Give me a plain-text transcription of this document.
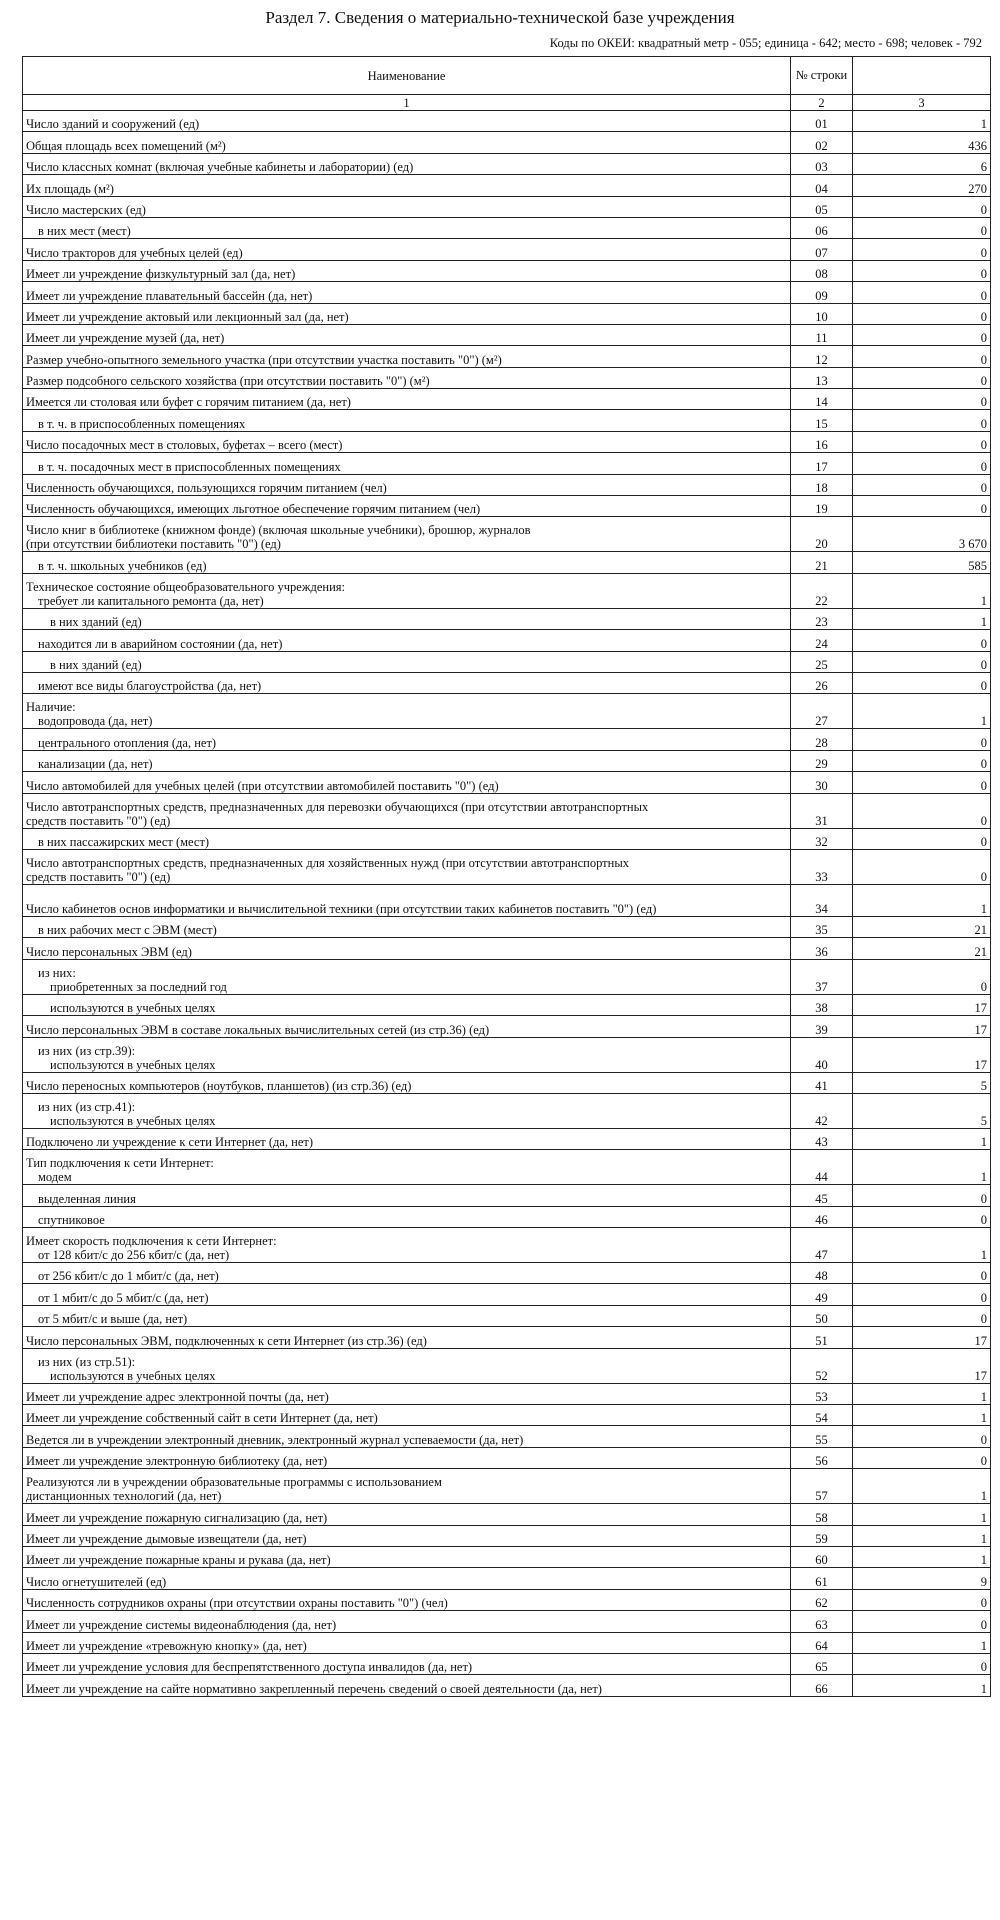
Раздел 7. Сведения о материально-технической базе учреждения
Коды по ОКЕИ: квадратный метр - 055; единица - 642; место - 698; человек - 792
Наименование	№ строки	
1	2	3

Число зданий и сооружений (ед)	01	1

Общая площадь всех помещений (м²)	02	436

Число классных комнат (включая учебные кабинеты и лаборатории) (ед)	03	6

Их площадь (м²)	04	270

Число мастерских (ед)	05	0

в них мест (мест)	06	0

Число тракторов для учебных целей (ед)	07	0

Имеет ли учреждение физкультурный зал (да, нет)	08	0

Имеет ли учреждение плавательный бассейн (да, нет)	09	0

Имеет ли учреждение актовый или лекционный зал (да, нет)	10	0

Имеет ли учреждение музей (да, нет)	11	0

Размер учебно-опытного земельного участка (при отсутствии участка поставить "0") (м²)	12	0

Размер подсобного сельского хозяйства (при отсутствии поставить "0") (м²)	13	0

Имеется ли столовая или буфет с горячим питанием (да, нет)	14	0

в т. ч. в приспособленных помещениях	15	0

Число посадочных мест в столовых, буфетах – всего (мест)	16	0

в т. ч. посадочных мест в приспособленных помещениях	17	0

Численность обучающихся, пользующихся горячим питанием (чел)	18	0

Численность обучающихся, имеющих льготное обеспечение горячим питанием (чел)	19	0

Число книг в библиотеке (книжном фонде) (включая школьные учебники), брошюр, журналов
(при отсутствии библиотеки поставить "0") (ед)	20	3 670

в т. ч. школьных учебников (ед)	21	585

Техническое состояние общеобразовательного учреждения:
требует ли капитального ремонта (да, нет)	22	1

в них зданий (ед)	23	1

находится ли в аварийном состоянии (да, нет)	24	0

в них зданий (ед)	25	0

имеют все виды благоустройства (да, нет)	26	0

Наличие:
водопровода (да, нет)	27	1

центрального отопления (да, нет)	28	0

канализации (да, нет)	29	0

Число автомобилей для учебных целей (при отсутствии автомобилей поставить "0") (ед)	30	0

Число автотранспортных средств, предназначенных для перевозки обучающихся (при отсутствии автотранспортных
средств поставить "0") (ед)	31	0

в них пассажирских мест (мест)	32	0

Число автотранспортных средств, предназначенных для хозяйственных нужд (при отсутствии автотранспортных
средств поставить "0") (ед)	33	0

Число кабинетов основ информатики и вычислительной техники (при отсутствии таких кабинетов поставить "0") (ед)	34	1

в них рабочих мест с ЭВМ (мест)	35	21

Число персональных ЭВМ (ед)	36	21

из них:
приобретенных за последний год	37	0

используются в учебных целях	38	17

Число персональных ЭВМ в составе локальных вычислительных сетей (из стр.36) (ед)	39	17

из них (из стр.39):
используются в учебных целях	40	17

Число переносных компьютеров (ноутбуков, планшетов) (из стр.36) (ед)	41	5

из них (из стр.41):
используются в учебных целях	42	5

Подключено ли учреждение к сети Интернет (да, нет)	43	1

Тип подключения к сети Интернет:
модем	44	1

выделенная линия	45	0

спутниковое	46	0

Имеет скорость подключения к сети Интернет:
от 128 кбит/с до 256 кбит/с (да, нет)	47	1

от 256 кбит/с до 1 мбит/с (да, нет)	48	0

от 1 мбит/с до 5 мбит/с (да, нет)	49	0

от 5 мбит/с и выше (да, нет)	50	0

Число персональных ЭВМ, подключенных к сети Интернет (из стр.36) (ед)	51	17

из них (из стр.51):
используются в учебных целях	52	17

Имеет ли учреждение адрес электронной почты (да, нет)	53	1

Имеет ли учреждение собственный сайт в сети Интернет (да, нет)	54	1

Ведется ли в учреждении электронный дневник, электронный журнал успеваемости (да, нет)	55	0

Имеет ли учреждение электронную библиотеку (да, нет)	56	0

Реализуются ли в учреждении образовательные программы с использованием
дистанционных технологий (да, нет)	57	1

Имеет ли учреждение пожарную сигнализацию (да, нет)	58	1

Имеет ли учреждение дымовые извещатели (да, нет)	59	1

Имеет ли учреждение пожарные краны и рукава (да, нет)	60	1

Число огнетушителей (ед)	61	9

Численность сотрудников охраны (при отсутствии охраны поставить "0") (чел)	62	0

Имеет ли учреждение системы видеонаблюдения (да, нет)	63	0

Имеет ли учреждение «тревожную кнопку» (да, нет)	64	1

Имеет ли учреждение условия для беспрепятственного доступа инвалидов (да, нет)	65	0

Имеет ли учреждение на сайте нормативно закрепленный перечень сведений о своей деятельности (да, нет)	66	1
